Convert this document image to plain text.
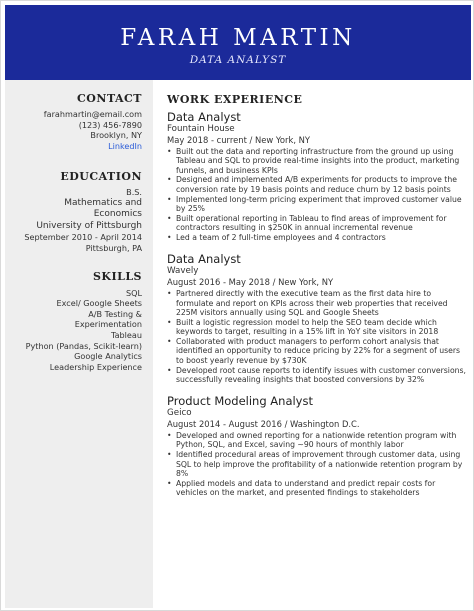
FARAH MARTIN
DATA ANALYST
CONTACT
farahmartin@email.com
(123) 456-7890
Brooklyn, NY
LinkedIn
EDUCATION
B.S.
Mathematics and
Economics
University of Pittsburgh
September 2010 - April 2014
Pittsburgh, PA
SKILLS
SQL
Excel/ Google Sheets
A/B Testing &
Experimentation
Tableau
Python (Pandas, Scikit-learn)
Google Analytics
Leadership Experience
WORK EXPERIENCE
Data Analyst
Fountain House
May 2018 - current / New York, NY
• Built out the data and reporting infrastructure from the ground up using Tableau and SQL to provide real-time insights into the product, marketing funnels, and business KPIs
• Designed and implemented A/B experiments for products to improve the conversion rate by 19 basis points and reduce churn by 12 basis points
• Implemented long-term pricing experiment that improved customer value by 25%
• Built operational reporting in Tableau to find areas of improvement for contractors resulting in $250K in annual incremental revenue
• Led a team of 2 full-time employees and 4 contractors
Data Analyst
Wavely
August 2016 - May 2018 / New York, NY
• Partnered directly with the executive team as the first data hire to formulate and report on KPIs across their web properties that received 225M visitors annually using SQL and Google Sheets
• Built a logistic regression model to help the SEO team decide which keywords to target, resulting in a 15% lift in YoY site visitors in 2018
• Collaborated with product managers to perform cohort analysis that identified an opportunity to reduce pricing by 22% for a segment of users to boost yearly revenue by $730K
• Developed root cause reports to identify issues with customer conversions, successfully revealing insights that boosted conversions by 32%
Product Modeling Analyst
Geico
August 2014 - August 2016 / Washington D.C.
• Developed and owned reporting for a nationwide retention program with Python, SQL, and Excel, saving ~90 hours of monthly labor
• Identified procedural areas of improvement through customer data, using SQL to help improve the profitability of a nationwide retention program by 8%
• Applied models and data to understand and predict repair costs for vehicles on the market, and presented findings to stakeholders
